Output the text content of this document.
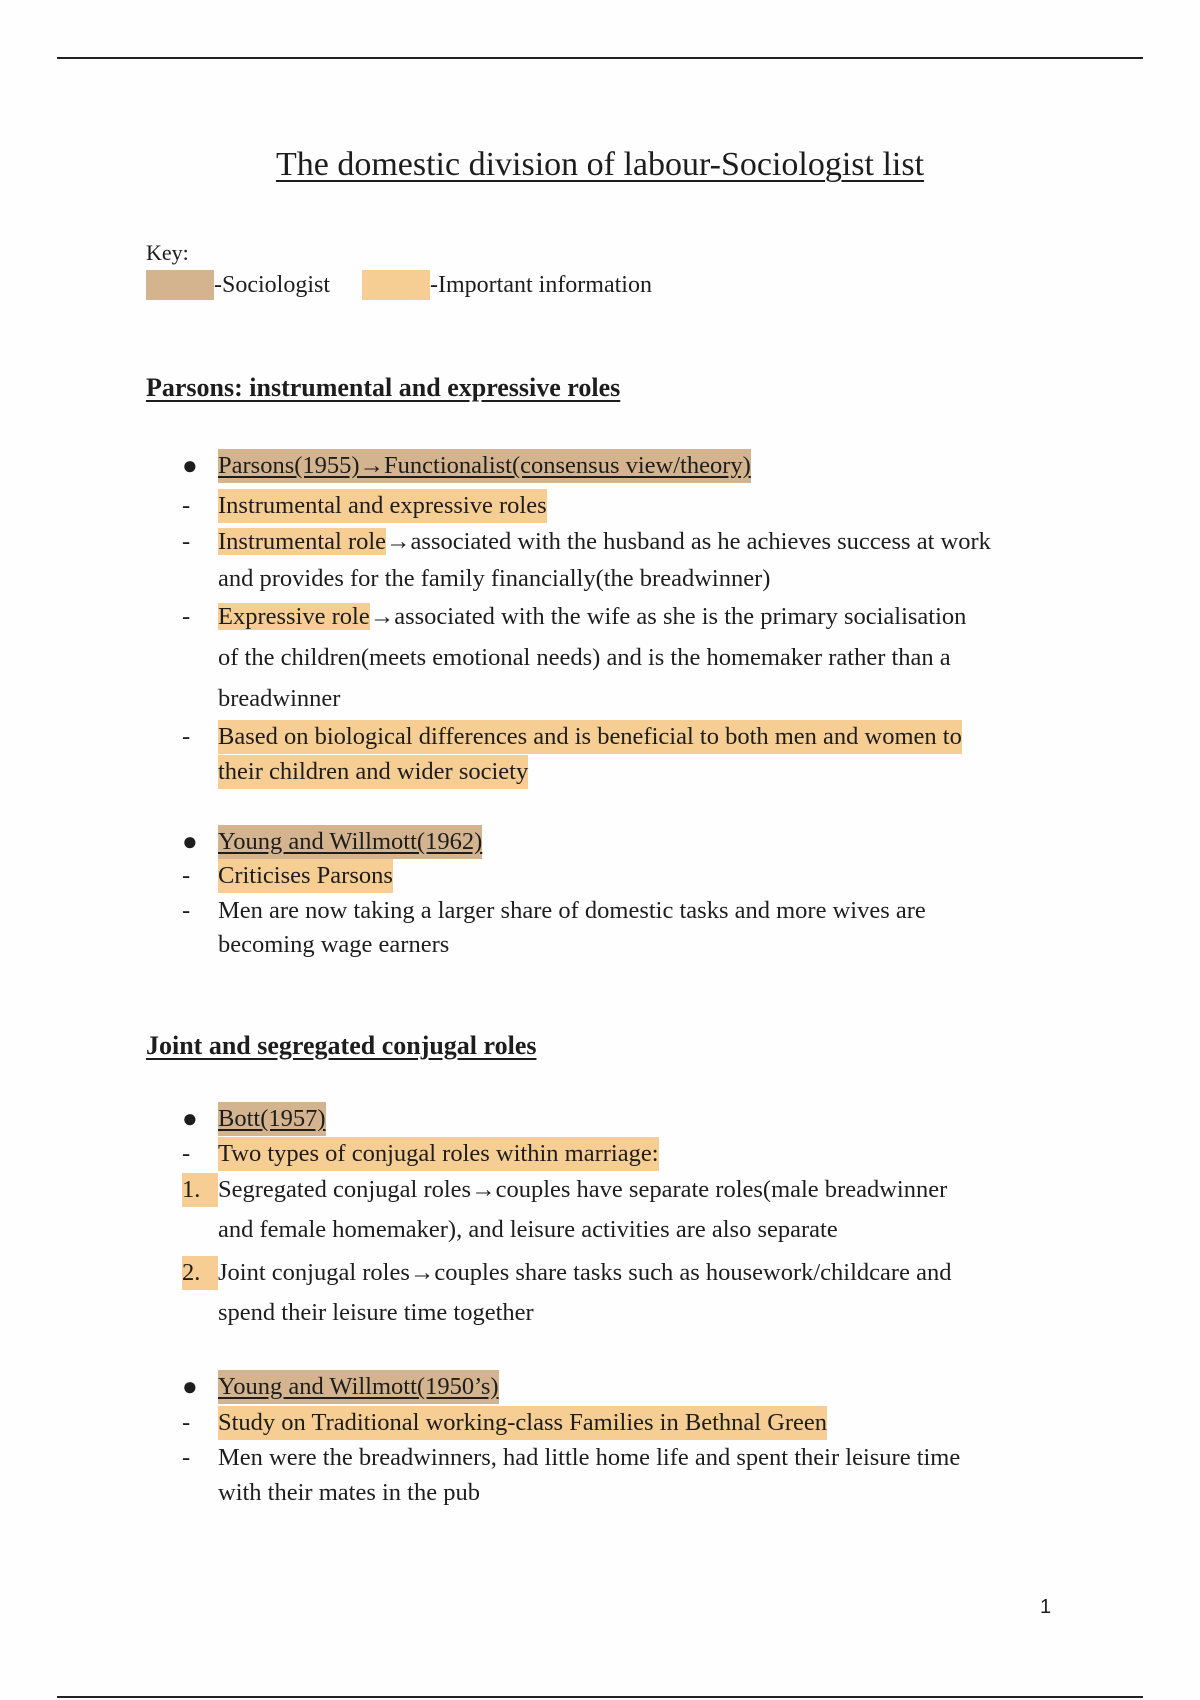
The domestic division of labour-Sociologist list
Key:
-Sociologist	-Important information
Parsons: instrumental and expressive roles
● Parsons(1955)→Functionalist(consensus view/theory)
-	Instrumental and expressive roles
-	Instrumental role→associated with the husband as he achieves success at work
and provides for the family financially(the breadwinner)
-	Expressive role→associated with the wife as she is the primary socialisation
of the children(meets emotional needs) and is the homemaker rather than a
breadwinner
-	Based on biological differences and is beneficial to both men and women to
their children and wider society
● Young and Willmott(1962)
-	Criticises Parsons
-	Men are now taking a larger share of domestic tasks and more wives are
becoming wage earners
Joint and segregated conjugal roles
● Bott(1957)
-	Two types of conjugal roles within marriage:
1. Segregated conjugal roles→couples have separate roles(male breadwinner
and female homemaker), and leisure activities are also separate
2. Joint conjugal roles→couples share tasks such as housework/childcare and
spend their leisure time together
● Young and Willmott(1950’s)
-	Study on Traditional working-class Families in Bethnal Green
-	Men were the breadwinners, had little home life and spent their leisure time
with their mates in the pub
1
